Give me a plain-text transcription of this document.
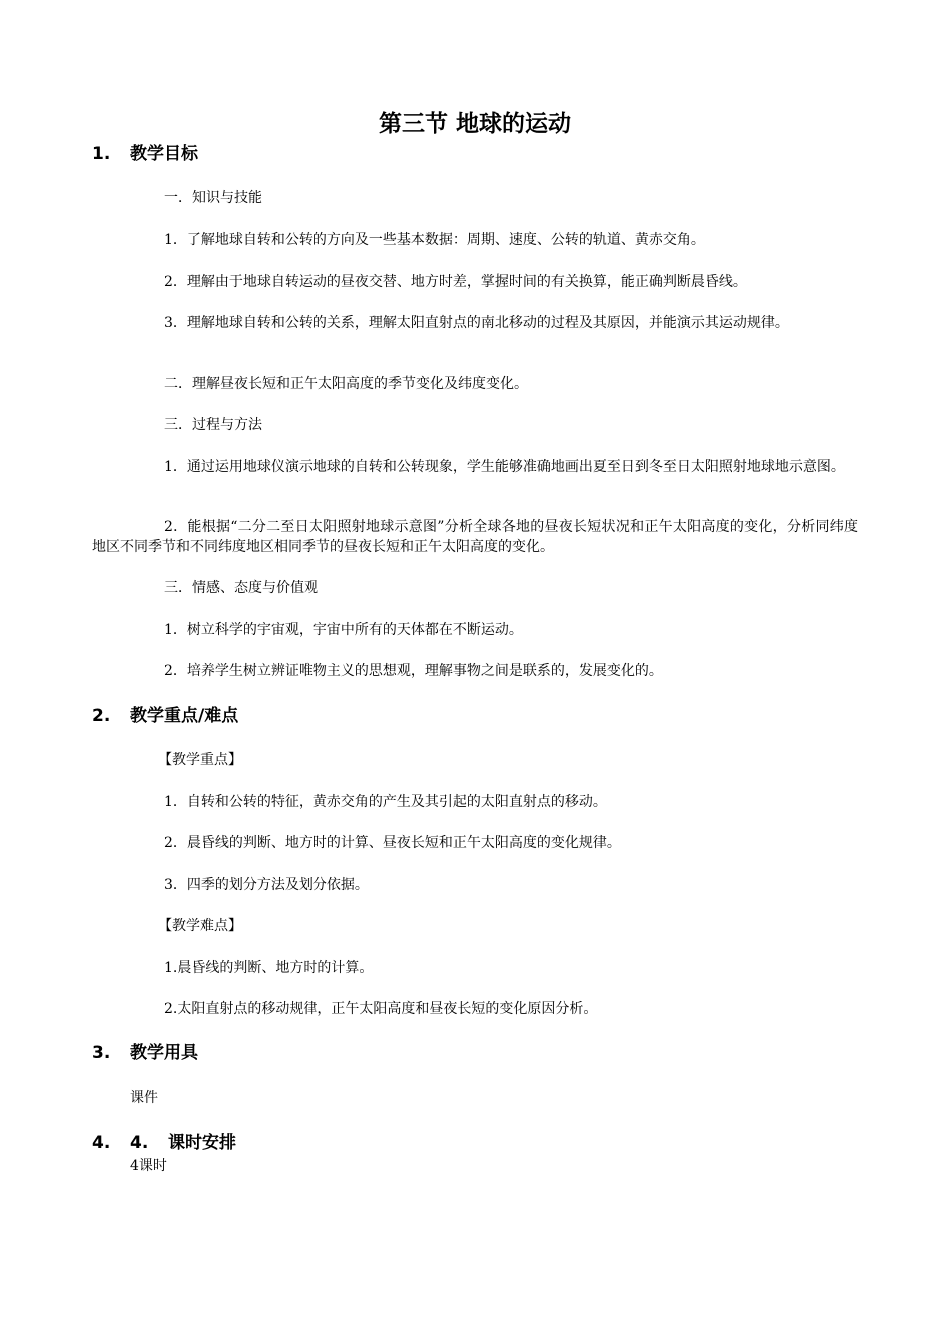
第三节 地球的运动
1. 教学目标
一．知识与技能
1．了解地球自转和公转的方向及一些基本数据：周期、速度、公转的轨道、黄赤交角。
2．理解由于地球自转运动的昼夜交替、地方时差，掌握时间的有关换算，能正确判断晨昏线。
3．理解地球自转和公转的关系，理解太阳直射点的南北移动的过程及其原因，并能演示其运动规律。
二．理解昼夜长短和正午太阳高度的季节变化及纬度变化。
三．过程与方法
1．通过运用地球仪演示地球的自转和公转现象，学生能够准确地画出夏至日到冬至日太阳照射地球地示意图。
2．能根据“二分二至日太阳照射地球示意图”分析全球各地的昼夜长短状况和正午太阳高度的变化，分析同纬度地区不同季节和不同纬度地区相同季节的昼夜长短和正午太阳高度的变化。
三．情感、态度与价值观
1．树立科学的宇宙观，宇宙中所有的天体都在不断运动。
2．培养学生树立辨证唯物主义的思想观，理解事物之间是联系的，发展变化的。
2. 教学重点/难点
【教学重点】
1．自转和公转的特征，黄赤交角的产生及其引起的太阳直射点的移动。
2．晨昏线的判断、地方时的计算、昼夜长短和正午太阳高度的变化规律。
3．四季的划分方法及划分依据。
【教学难点】
1.晨昏线的判断、地方时的计算。
2.太阳直射点的移动规律，正午太阳高度和昼夜长短的变化原因分析。
3. 教学用具
课件
4. 4. 课时安排
4课时
